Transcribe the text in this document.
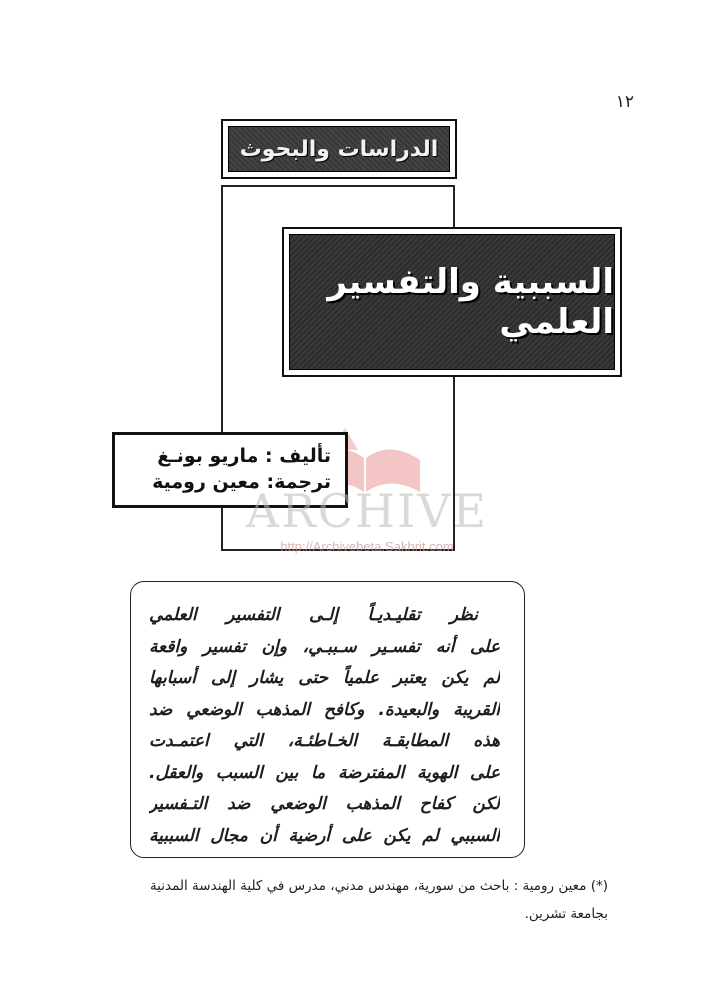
١٢
الدراسات والبحوث
السببية والتفسير العلمي
تأليف : ماريو بونـغ
ترجمة: معين رومية
ARCHIVE
http://Archivebeta.Sakhrit.com
نظر تقليـديـاً إلـى التفسير العلمي
على أنه تفسـير سـببـي، وإن تفسير واقعة
لم يكن يعتبر علمياً حتى يشار إلى أسبابها
القريبة والبعيدة. وكافح المذهب الوضعي ضد
هذه المطابقـة الخـاطئـة، التي اعتمـدت
على الهوية المفترضة ما بين السبب والعقل.
لكن كفاح المذهب الوضعي ضد التـفسير
السببي لم يكن على أرضية أن مجال السببية
(*) معين رومية : باحث من سورية، مهندس مدني، مدرس في كلية الهندسة المدنية
بجامعة تشرين.
